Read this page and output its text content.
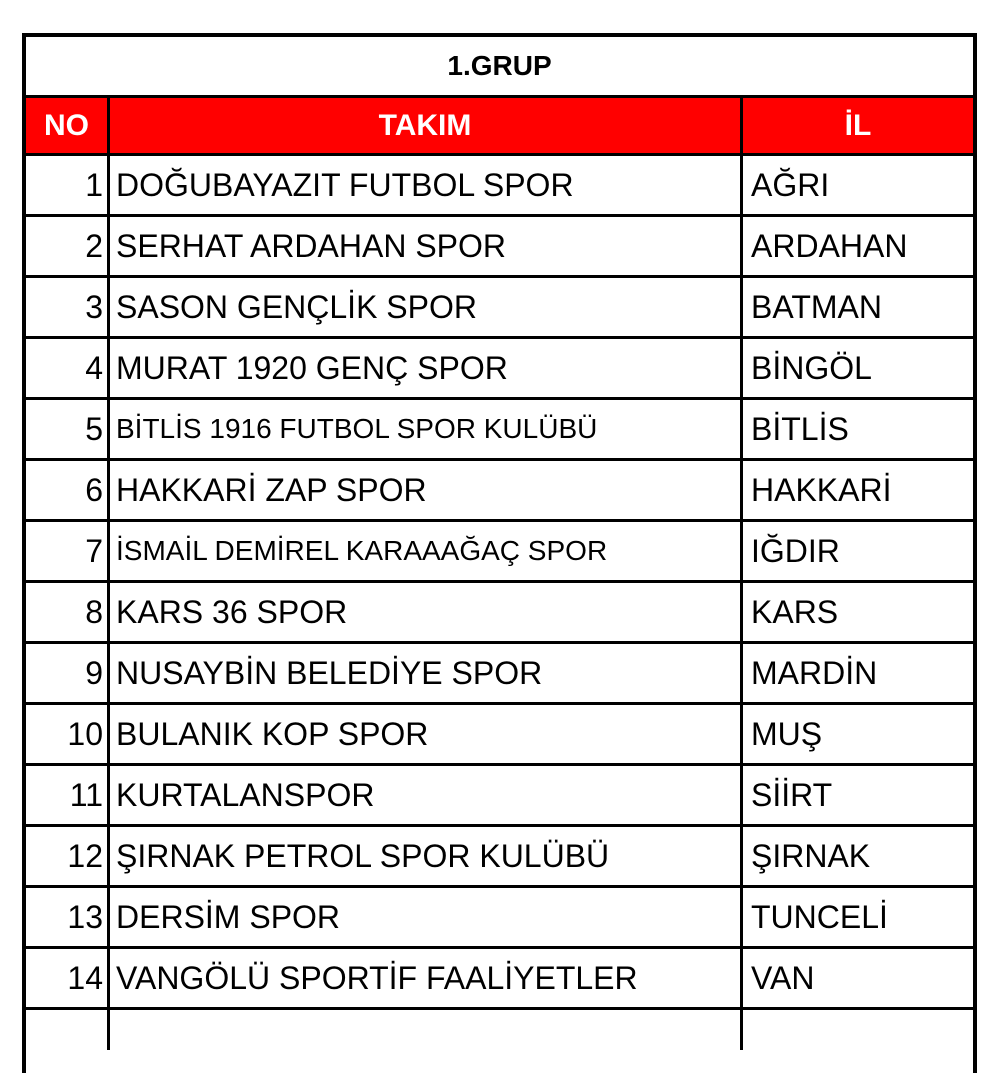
1.GRUP
NO	TAKIM	İL
1 DOĞUBAYAZIT FUTBOL SPOR	AĞRI
2 SERHAT ARDAHAN SPOR	ARDAHAN
3 SASON GENÇLİK SPOR	BATMAN
4 MURAT 1920 GENÇ SPOR	BİNGÖL
5 BİTLİS 1916 FUTBOL SPOR KULÜBÜ	BİTLİS
6 HAKKARİ ZAP SPOR	HAKKARİ
7 İSMAİL DEMİREL KARAAAĞAÇ SPOR	IĞDIR
8 KARS 36 SPOR	KARS
9 NUSAYBİN BELEDİYE SPOR	MARDİN
10 BULANIK KOP SPOR	MUŞ
11 KURTALANSPOR	SİİRT
12 ŞIRNAK PETROL SPOR KULÜBÜ	ŞIRNAK
13 DERSİM SPOR	TUNCELİ
14 VANGÖLÜ SPORTİF FAALİYETLER	VAN
